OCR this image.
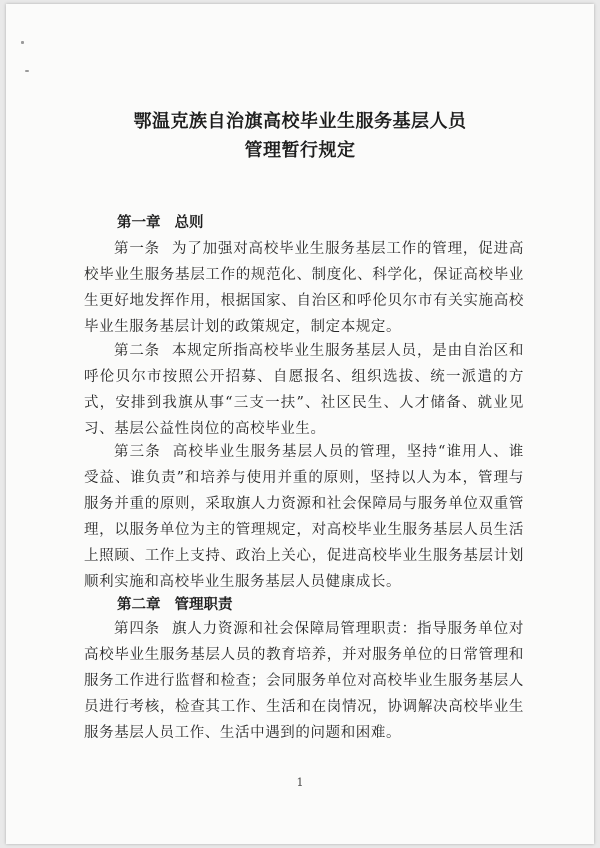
鄂温克族自治旗高校毕业生服务基层人员
管理暂行规定
第一章 总则

第一条 为了加强对高校毕业生服务基层工作的管理，促进高校毕业生服务基层工作的规范化、制度化、科学化，保证高校毕业生更好地发挥作用，根据国家、自治区和呼伦贝尔市有关实施高校毕业生服务基层计划的政策规定，制定本规定。

第二条 本规定所指高校毕业生服务基层人员，是由自治区和呼伦贝尔市按照公开招募、自愿报名、组织选拔、统一派遣的方式，安排到我旗从事“三支一扶”、社区民生、人才储备、就业见习、基层公益性岗位的高校毕业生。

第三条 高校毕业生服务基层人员的管理，坚持“谁用人、谁受益、谁负责”和培养与使用并重的原则，坚持以人为本，管理与服务并重的原则，采取旗人力资源和社会保障局与服务单位双重管理，以服务单位为主的管理规定，对高校毕业生服务基层人员生活上照顾、工作上支持、政治上关心，促进高校毕业生服务基层计划顺利实施和高校毕业生服务基层人员健康成长。

第二章 管理职责

第四条 旗人力资源和社会保障局管理职责：指导服务单位对高校毕业生服务基层人员的教育培养，并对服务单位的日常管理和服务工作进行监督和检查；会同服务单位对高校毕业生服务基层人员进行考核，检查其工作、生活和在岗情况，协调解决高校毕业生服务基层人员工作、生活中遇到的问题和困难。

1
